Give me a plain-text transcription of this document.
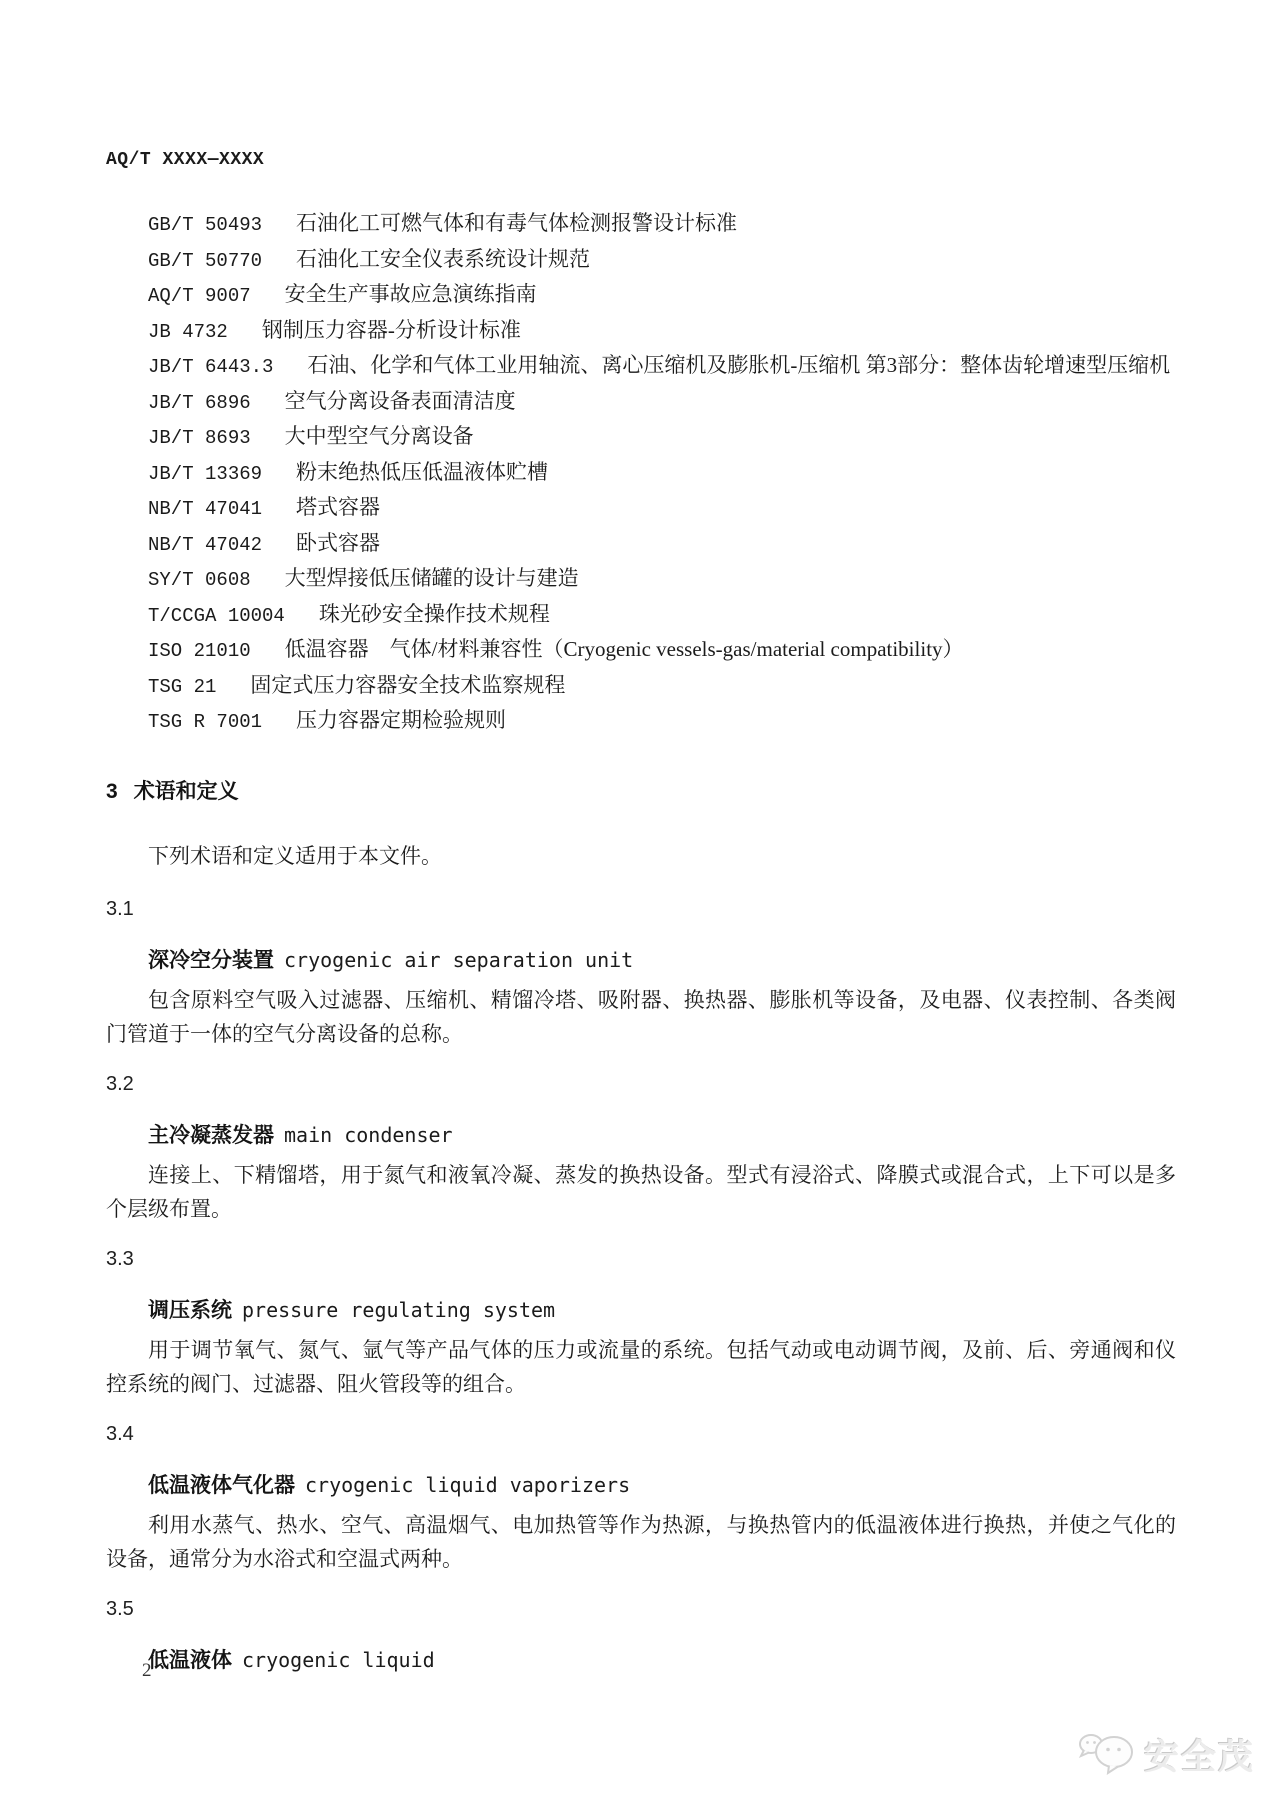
AQ/T XXXX—XXXX

GB/T 50493 石油化工可燃气体和有毒气体检测报警设计标准

GB/T 50770 石油化工安全仪表系统设计规范

AQ/T 9007 安全生产事故应急演练指南

JB 4732 钢制压力容器-分析设计标准

JB/T 6443.3 石油、化学和气体工业用轴流、离心压缩机及膨胀机-压缩机 第3部分：整体齿轮增速型压缩机

JB/T 6896 空气分离设备表面清洁度

JB/T 8693 大中型空气分离设备

JB/T 13369 粉末绝热低压低温液体贮槽

NB/T 47041 塔式容器

NB/T 47042 卧式容器

SY/T 0608 大型焊接低压储罐的设计与建造

T/CCGA 10004 珠光砂安全操作技术规程

ISO 21010 低温容器　气体/材料兼容性（Cryogenic vessels-gas/material compatibility）

TSG 21 固定式压力容器安全技术监察规程

TSG R 7001 压力容器定期检验规则

3 术语和定义

下列术语和定义适用于本文件。

3.1

深冷空分装置 cryogenic air separation unit

包含原料空气吸入过滤器、压缩机、精馏冷塔、吸附器、换热器、膨胀机等设备，及电器、仪表控制、各类阀门管道于一体的空气分离设备的总称。

3.2

主冷凝蒸发器 main condenser

连接上、下精馏塔，用于氮气和液氧冷凝、蒸发的换热设备。型式有浸浴式、降膜式或混合式，上下可以是多个层级布置。

3.3

调压系统 pressure regulating system

用于调节氧气、氮气、氩气等产品气体的压力或流量的系统。包括气动或电动调节阀，及前、后、旁通阀和仪控系统的阀门、过滤器、阻火管段等的组合。

3.4

低温液体气化器 cryogenic liquid vaporizers

利用水蒸气、热水、空气、高温烟气、电加热管等作为热源，与换热管内的低温液体进行换热，并使之气化的设备，通常分为水浴式和空温式两种。

3.5

低温液体 cryogenic liquid

2
安全茂
